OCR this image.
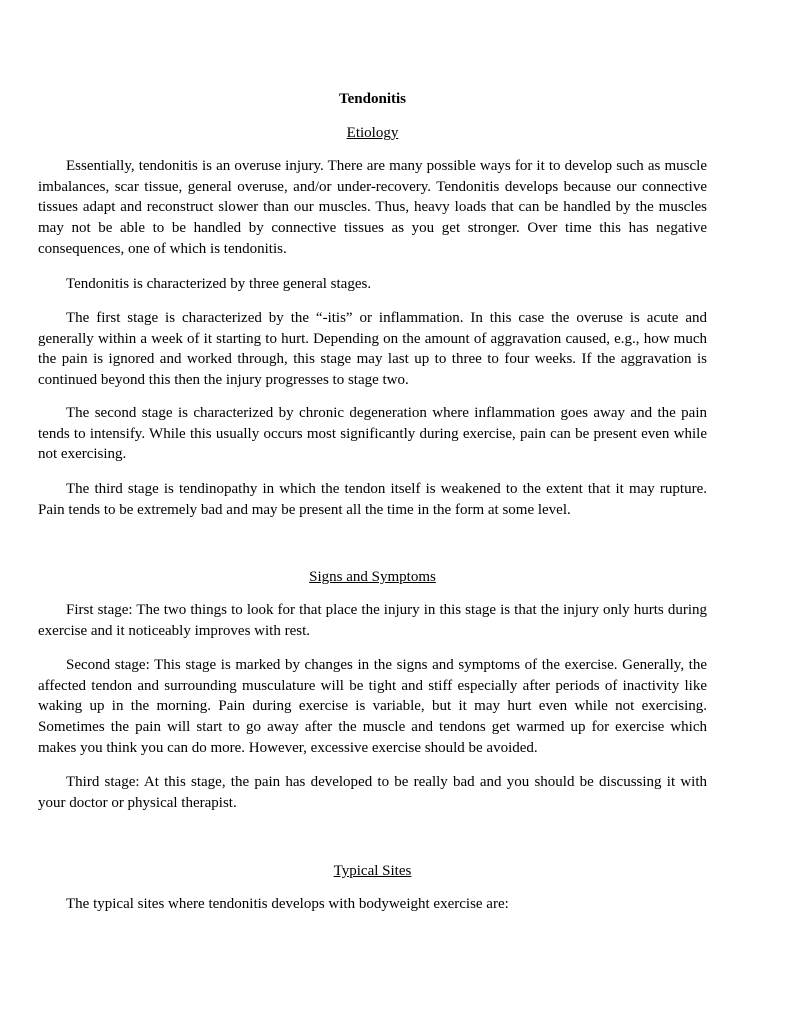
Tendonitis
Etiology

Essentially, tendonitis is an overuse injury. There are many possible ways for it to develop such as muscle imbalances, scar tissue, general overuse, and/or under-recovery. Tendonitis develops because our connective tissues adapt and reconstruct slower than our muscles. Thus, heavy loads that can be handled by the muscles may not be able to be handled by connective tissues as you get stronger. Over time this has negative consequences, one of which is tendonitis.

Tendonitis is characterized by three general stages.

The first stage is characterized by the “-itis” or inflammation. In this case the overuse is acute and generally within a week of it starting to hurt. Depending on the amount of aggravation caused, e.g., how much the pain is ignored and worked through, this stage may last up to three to four weeks. If the aggravation is continued beyond this then the injury progresses to stage two.

The second stage is characterized by chronic degeneration where inflammation goes away and the pain tends to intensify. While this usually occurs most significantly during exercise, pain can be present even while not exercising.

The third stage is tendinopathy in which the tendon itself is weakened to the extent that it may rupture. Pain tends to be extremely bad and may be present all the time in the form at some level.

Signs and Symptoms

First stage: The two things to look for that place the injury in this stage is that the injury only hurts during exercise and it noticeably improves with rest.

Second stage: This stage is marked by changes in the signs and symptoms of the exercise. Generally, the affected tendon and surrounding musculature will be tight and stiff especially after periods of inactivity like waking up in the morning. Pain during exercise is variable, but it may hurt even while not exercising. Sometimes the pain will start to go away after the muscle and tendons get warmed up for exercise which makes you think you can do more. However, excessive exercise should be avoided.

Third stage: At this stage, the pain has developed to be really bad and you should be discussing it with your doctor or physical therapist.

Typical Sites

The typical sites where tendonitis develops with bodyweight exercise are:
